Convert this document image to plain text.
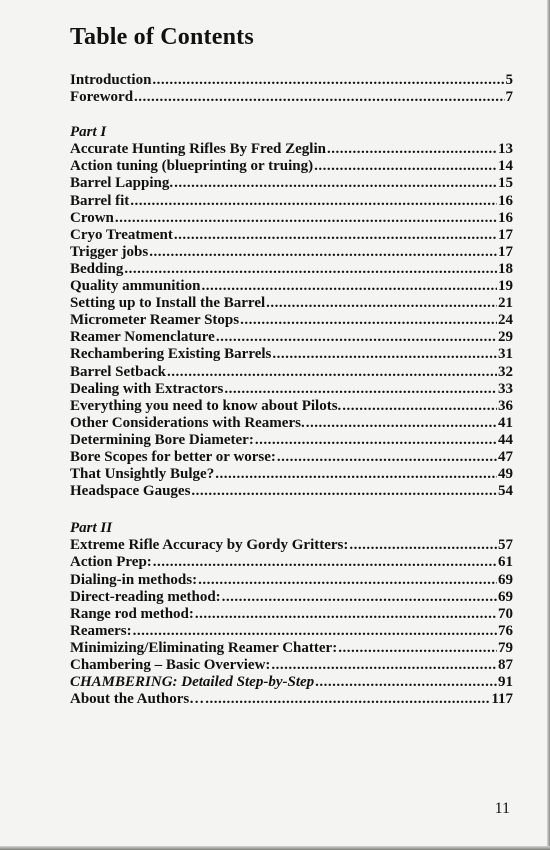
Table of Contents
Introduction .....	5
Foreword .....	7
Part I
Accurate Hunting Rifles By Fred Zeglin .....	13
Action tuning (blueprinting or truing) .....	14
Barrel Lapping. .....	15
Barrel fit .....	16
Crown .....	16
Cryo Treatment .....	17
Trigger jobs .....	17
Bedding .....	18
Quality ammunition .....	19
Setting up to Install the Barrel .....	21
Micrometer Reamer Stops .....	24
Reamer Nomenclature .....	29
Rechambering Existing Barrels .....	31
Barrel Setback .....	32
Dealing with Extractors .....	33
Everything you need to know about Pilots. .....	36
Other Considerations with Reamers. .....	41
Determining Bore Diameter: .....	44
Bore Scopes for better or worse: .....	47
That Unsightly Bulge? .....	49
Headspace Gauges .....	54
Part II
Extreme Rifle Accuracy by Gordy Gritters: .....	57
Action Prep: .....	61
Dialing-in methods: .....	69
Direct-reading method: .....	69
Range rod method: .....	70
Reamers: .....	76
Minimizing/Eliminating Reamer Chatter: .....	79
Chambering – Basic Overview: .....	87
CHAMBERING: Detailed Step-by-Step .....	91
About the Authors… .....	117
11
